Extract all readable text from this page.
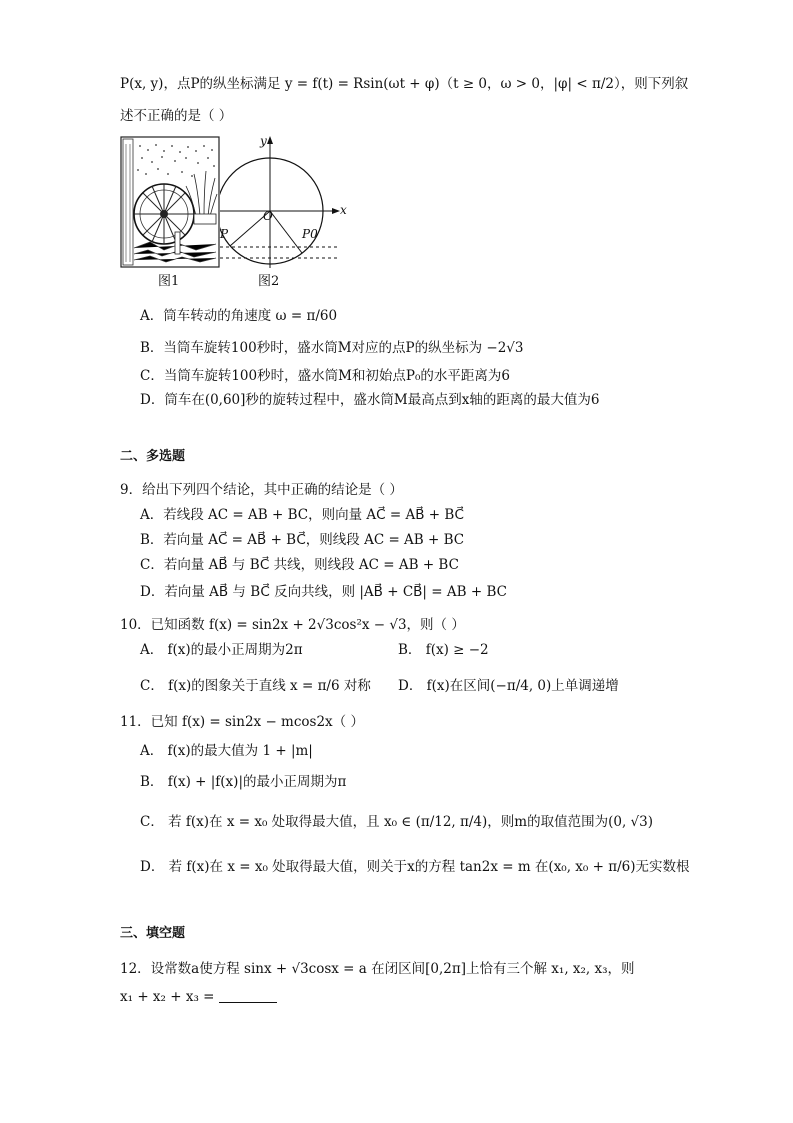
P(x, y)，点P的纵坐标满足 y = f(t) = Rsin(ωt + φ)（t ≥ 0，ω > 0，|φ| < π/2），则下列叙
述不正确的是（ ）
图1
y
x
O
P	P0
图2
A．筒车转动的角速度 ω = π/60
B．当筒车旋转100秒时，盛水筒M对应的点P的纵坐标为 −2√3
C．当筒车旋转100秒时，盛水筒M和初始点P₀的水平距离为6
D．筒车在(0,60]秒的旋转过程中，盛水筒M最高点到x轴的距离的最大值为6
二、多选题
9．给出下列四个结论，其中正确的结论是（ ）
A．若线段 AC = AB + BC，则向量 AC⃗ = AB⃗ + BC⃗
B．若向量 AC⃗ = AB⃗ + BC⃗，则线段 AC = AB + BC
C．若向量 AB⃗ 与 BC⃗ 共线，则线段 AC = AB + BC
D．若向量 AB⃗ 与 BC⃗ 反向共线，则 |AB⃗ + CB⃗| = AB + BC
10．已知函数 f(x) = sin2x + 2√3cos²x − √3，则（ ）
A． f(x)的最小正周期为2π	B． f(x) ≥ −2
C． f(x)的图象关于直线 x = π/6 对称 D． f(x)在区间(−π/4, 0)上单调递增
11．已知 f(x) = sin2x − mcos2x（ ）
A． f(x)的最大值为 1 + |m|
B． f(x) + |f(x)|的最小正周期为π
C． 若 f(x)在 x = x₀ 处取得最大值，且 x₀ ∈ (π/12, π/4)，则m的取值范围为(0, √3)
D． 若 f(x)在 x = x₀ 处取得最大值，则关于x的方程 tan2x = m 在(x₀, x₀ + π/6)无实数根
三、填空题
12．设常数a使方程 sinx + √3cosx = a 在闭区间[0,2π]上恰有三个解 x₁, x₂, x₃，则
x₁ + x₂ + x₃ =
